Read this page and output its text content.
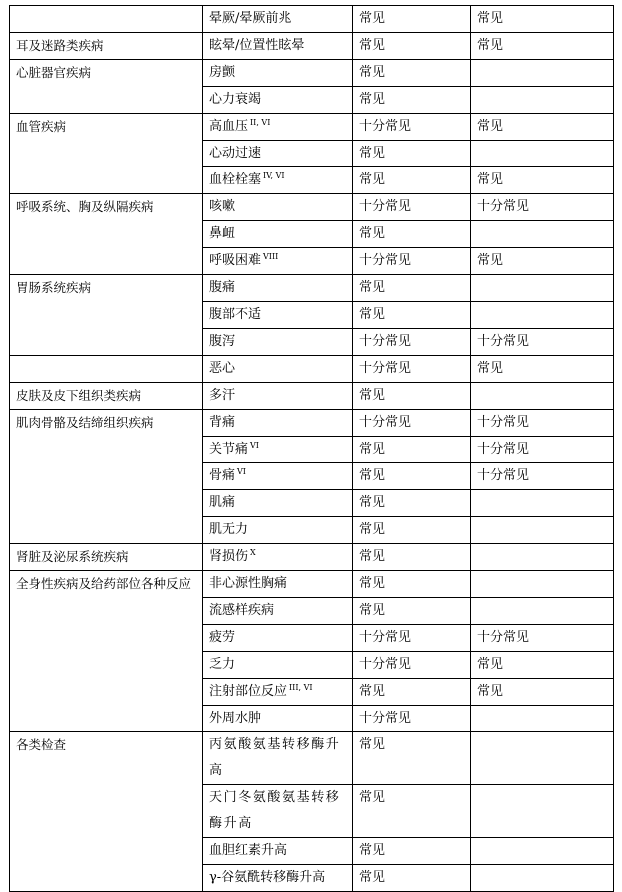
	晕厥/晕厥前兆	常见	常见
耳及迷路类疾病	眩晕/位置性眩晕	常见	常见
心脏器官疾病	房颤	常见	
	心力衰竭	常见	
血管疾病	高血压 $^{II, VI}$	十分常见	常见
	心动过速	常见	
	血栓栓塞 $^{IV, VI}$	常见	常见
呼吸系统、胸及纵隔疾病	咳嗽	十分常见	十分常见
	鼻衄	常见	
	呼吸困难 $^{VIII}$	十分常见	常见
胃肠系统疾病	腹痛	常见	
	腹部不适	常见	
	腹泻	十分常见	十分常见
	恶心	十分常见	常见
皮肤及皮下组织类疾病	多汗	常见	
肌肉骨骼及结缔组织疾病	背痛	十分常见	十分常见
	关节痛 $^{VI}$	常见	十分常见
	骨痛 $^{VI}$	常见	十分常见
	肌痛	常见	
	肌无力	常见	
肾脏及泌尿系统疾病	肾损伤 $^X$	常见	
全身性疾病及给药部位各种反应	非心源性胸痛	常见	
	流感样疾病	常见	
	疲劳	十分常见	十分常见
	乏力	十分常见	常见
	注射部位反应 $^{III, VI}$	常见	常见
	外周水肿	十分常见	
各类检查	丙氨酸氨基转移酶升高	常见	
	天门冬氨酸氨基转移酶升高	常见	
	血胆红素升高	常见	
	γ-谷氨酰转移酶升高	常见	
